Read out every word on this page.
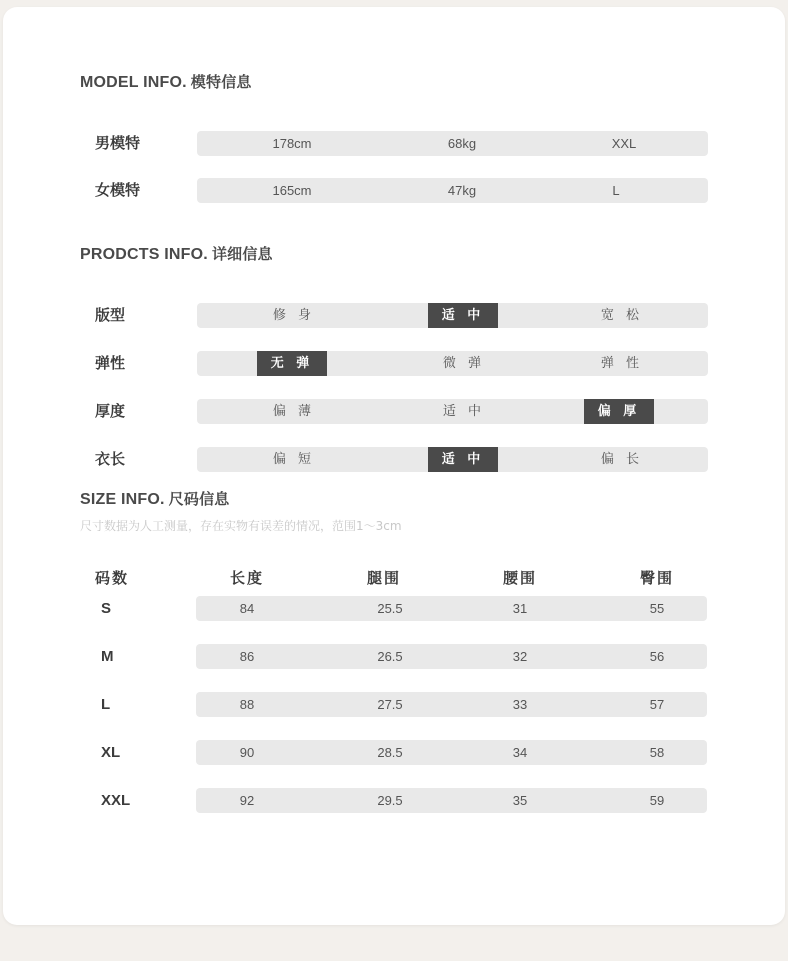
MODEL INFO. 模特信息
男模特	178cm	68kg	XXL
女模特	165cm	47kg	L
PRODCTS INFO. 详细信息
版型	修 身	适 中	宽 松
弹性	无 弹	微 弹	弹 性
厚度	偏 薄	适 中	偏 厚
衣长	偏 短	适 中	偏 长
SIZE INFO. 尺码信息
尺寸数据为人工测量，存在实物有误差的情况，范围1〜3cm
码数	长度	腿围	腰围	臀围
S	84	25.5	31	55
M	86	26.5	32	56
L	88	27.5	33	57
XL	90	28.5	34	58
XXL	92	29.5	35	59
